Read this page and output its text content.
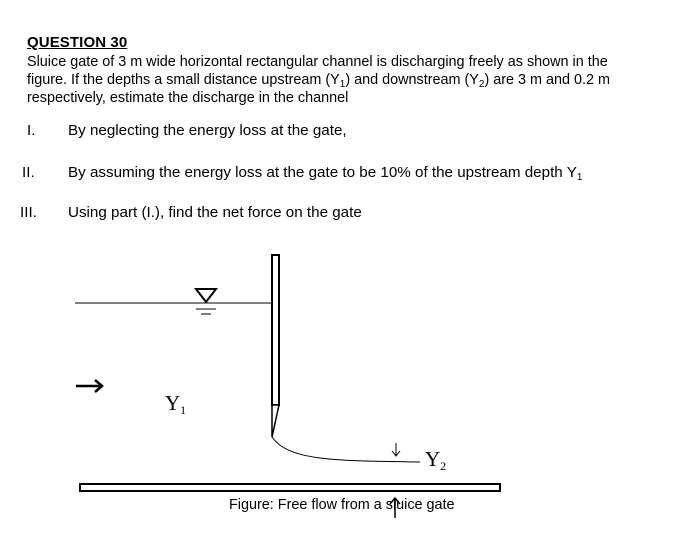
QUESTION 30
Sluice gate of 3 m wide horizontal rectangular channel is discharging freely as shown in the
figure. If the depths a small distance upstream $(Y_1)$ and downstream $(Y_2)$ are 3 m and 0.2 m
respectively, estimate the discharge in the channel
I. By neglecting the energy loss at the gate,
II. By assuming the energy loss at the gate to be 10% of the upstream depth $Y_1$
III. Using part (I.), find the net force on the gate
$Y_1$
$Y_2$
Figure: Free flow from a sluice gate
